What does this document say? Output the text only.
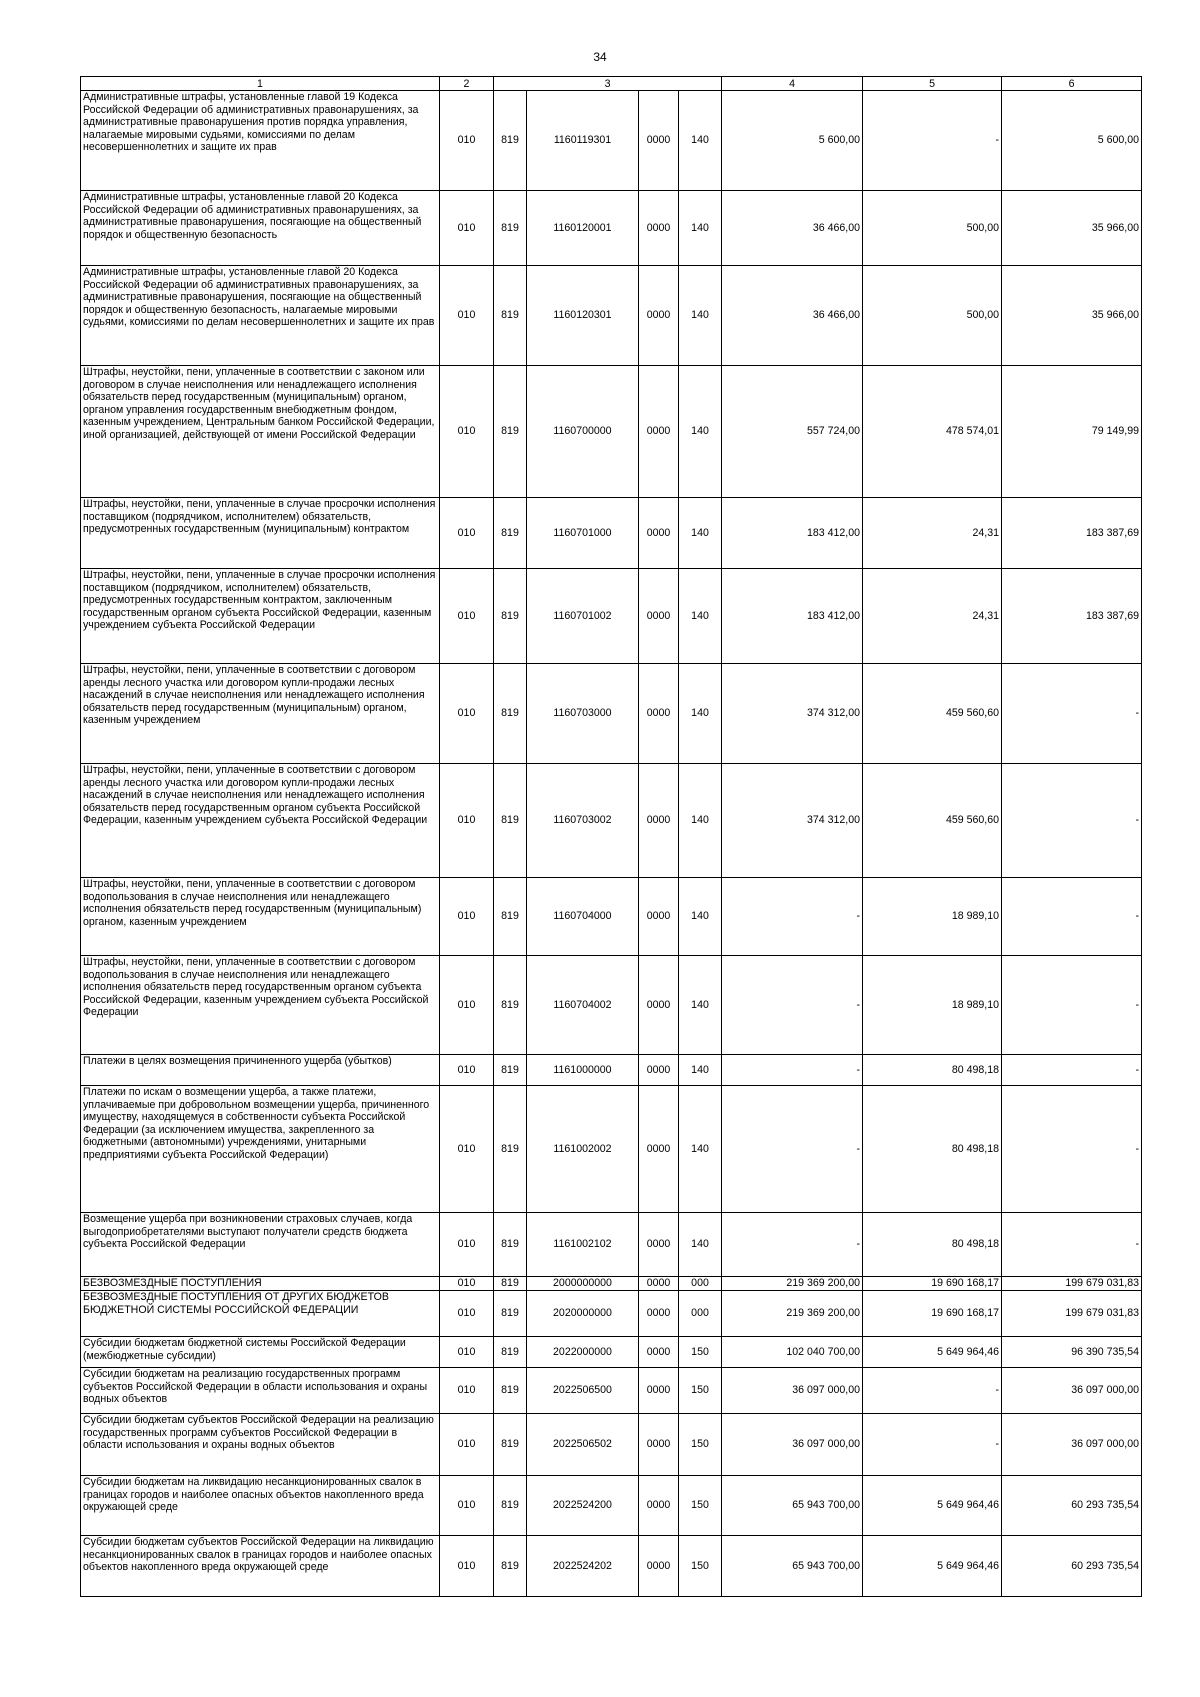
34
1	2	3				4	5	6
Административные штрафы, установленные главой 19 Кодекса Российской Федерации об административных правонарушениях, за административные правонарушения против порядка управления, налагаемые мировыми судьями, комиссиями по делам несовершеннолетних и защите их прав	010	819	1160119301	0000	140	5 600,00	-	5 600,00
Административные штрафы, установленные главой 20 Кодекса Российской Федерации об административных правонарушениях, за административные правонарушения, посягающие на общественный порядок и общественную безопасность	010	819	1160120001	0000	140	36 466,00	500,00	35 966,00
Административные штрафы, установленные главой 20 Кодекса Российской Федерации об административных правонарушениях, за административные правонарушения, посягающие на общественный порядок и общественную безопасность, налагаемые мировыми судьями, комиссиями по делам несовершеннолетних и защите их прав	010	819	1160120301	0000	140	36 466,00	500,00	35 966,00
Штрафы, неустойки, пени, уплаченные в соответствии с законом или договором в случае неисполнения или ненадлежащего исполнения обязательств перед государственным (муниципальным) органом, органом управления государственным внебюджетным фондом, казенным учреждением, Центральным банком Российской Федерации, иной организацией, действующей от имени Российской Федерации	010	819	1160700000	0000	140	557 724,00	478 574,01	79 149,99
Штрафы, неустойки, пени, уплаченные в случае просрочки исполнения поставщиком (подрядчиком, исполнителем) обязательств, предусмотренных государственным (муниципальным) контрактом	010	819	1160701000	0000	140	183 412,00	24,31	183 387,69
Штрафы, неустойки, пени, уплаченные в случае просрочки исполнения поставщиком (подрядчиком, исполнителем) обязательств, предусмотренных государственным контрактом, заключенным государственным органом субъекта Российской Федерации, казенным учреждением субъекта Российской Федерации	010	819	1160701002	0000	140	183 412,00	24,31	183 387,69
Штрафы, неустойки, пени, уплаченные в соответствии с договором аренды лесного участка или договором купли-продажи лесных насаждений в случае неисполнения или ненадлежащего исполнения обязательств перед государственным (муниципальным) органом, казенным учреждением	010	819	1160703000	0000	140	374 312,00	459 560,60	-
Штрафы, неустойки, пени, уплаченные в соответствии с договором аренды лесного участка или договором купли-продажи лесных насаждений в случае неисполнения или ненадлежащего исполнения обязательств перед государственным органом субъекта Российской Федерации, казенным учреждением субъекта Российской Федерации	010	819	1160703002	0000	140	374 312,00	459 560,60	-
Штрафы, неустойки, пени, уплаченные в соответствии с договором водопользования в случае неисполнения или ненадлежащего исполнения обязательств перед государственным (муниципальным) органом, казенным учреждением	010	819	1160704000	0000	140	-	18 989,10	-
Штрафы, неустойки, пени, уплаченные в соответствии с договором водопользования в случае неисполнения или ненадлежащего исполнения обязательств перед государственным органом субъекта Российской Федерации, казенным учреждением субъекта Российской Федерации	010	819	1160704002	0000	140	-	18 989,10	-
Платежи в целях возмещения причиненного ущерба (убытков)	010	819	1161000000	0000	140	-	80 498,18	-
Платежи по искам о возмещении ущерба, а также платежи, уплачиваемые при добровольном возмещении ущерба, причиненного имуществу, находящемуся в собственности субъекта Российской Федерации (за исключением имущества, закрепленного за бюджетными (автономными) учреждениями, унитарными предприятиями субъекта Российской Федерации)	010	819	1161002002	0000	140	-	80 498,18	-
Возмещение ущерба при возникновении страховых случаев, когда выгодоприобретателями выступают получатели средств бюджета субъекта Российской Федерации	010	819	1161002102	0000	140	-	80 498,18	-
БЕЗВОЗМЕЗДНЫЕ ПОСТУПЛЕНИЯ	010	819	2000000000	0000	000	219 369 200,00	19 690 168,17	199 679 031,83
БЕЗВОЗМЕЗДНЫЕ ПОСТУПЛЕНИЯ ОТ ДРУГИХ БЮДЖЕТОВ БЮДЖЕТНОЙ СИСТЕМЫ РОССИЙСКОЙ ФЕДЕРАЦИИ	010	819	2020000000	0000	000	219 369 200,00	19 690 168,17	199 679 031,83
Субсидии бюджетам бюджетной системы Российской Федерации (межбюджетные субсидии)	010	819	2022000000	0000	150	102 040 700,00	5 649 964,46	96 390 735,54
Субсидии бюджетам на реализацию государственных программ субъектов Российской Федерации в области использования и охраны водных объектов	010	819	2022506500	0000	150	36 097 000,00	-	36 097 000,00
Субсидии бюджетам субъектов Российской Федерации на реализацию государственных программ субъектов Российской Федерации в области использования и охраны водных объектов	010	819	2022506502	0000	150	36 097 000,00	-	36 097 000,00
Субсидии бюджетам на ликвидацию несанкционированных свалок в границах городов и наиболее опасных объектов накопленного вреда окружающей среде	010	819	2022524200	0000	150	65 943 700,00	5 649 964,46	60 293 735,54
Субсидии бюджетам субъектов Российской Федерации на ликвидацию несанкционированных свалок в границах городов и наиболее опасных объектов накопленного вреда окружающей среде	010	819	2022524202	0000	150	65 943 700,00	5 649 964,46	60 293 735,54
